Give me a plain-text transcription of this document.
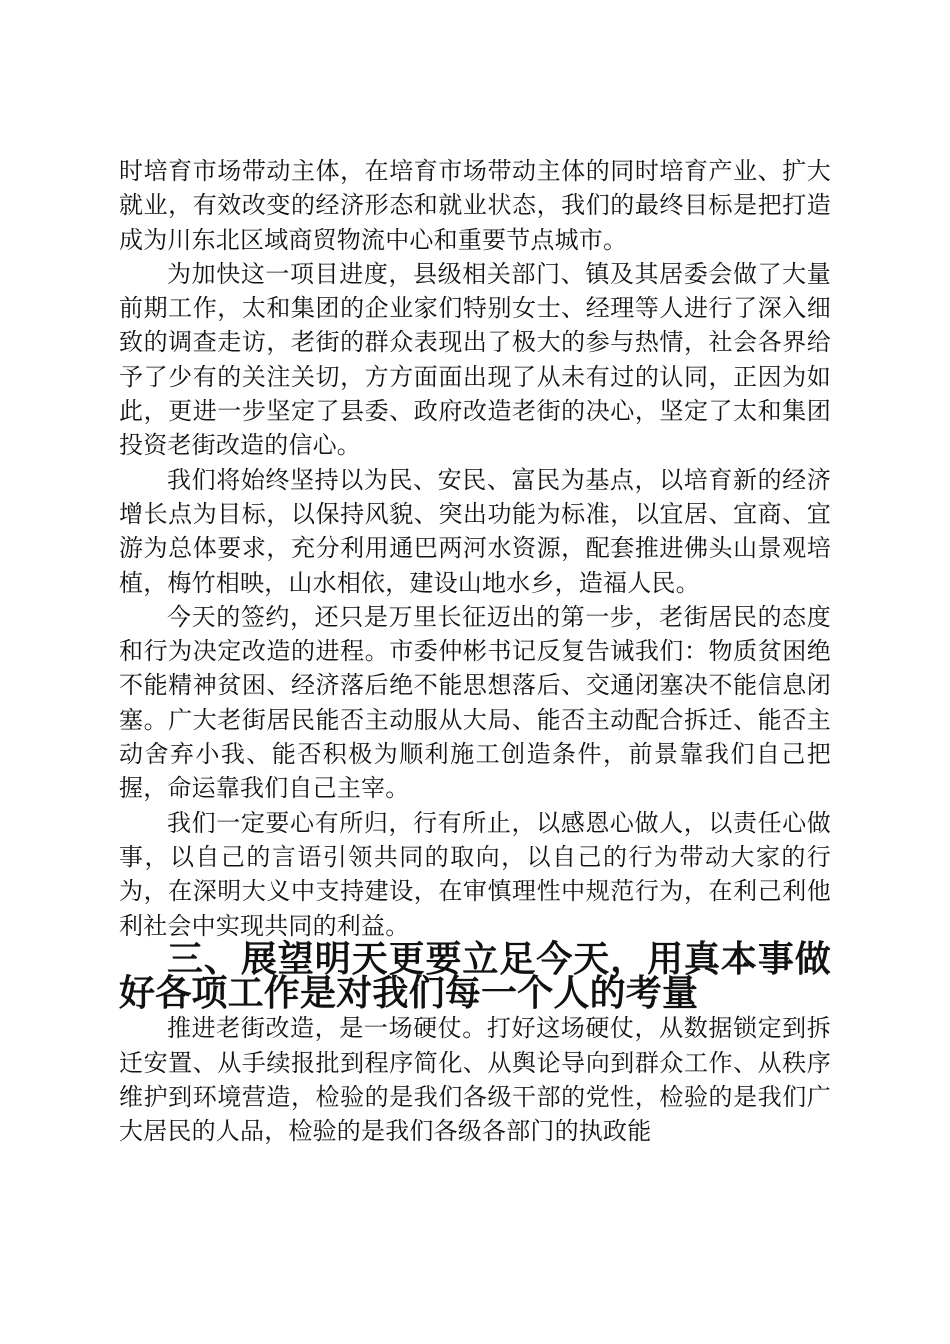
时培育市场带动主体，在培育市场带动主体的同时培育产业、扩大就业，有效改变的经济形态和就业状态，我们的最终目标是把打造成为川东北区域商贸物流中心和重要节点城市。

为加快这一项目进度，县级相关部门、镇及其居委会做了大量前期工作，太和集团的企业家们特别女士、经理等人进行了深入细致的调查走访，老街的群众表现出了极大的参与热情，社会各界给予了少有的关注关切，方方面面出现了从未有过的认同，正因为如此，更进一步坚定了县委、政府改造老街的决心，坚定了太和集团投资老街改造的信心。

我们将始终坚持以为民、安民、富民为基点，以培育新的经济增长点为目标，以保持风貌、突出功能为标准，以宜居、宜商、宜游为总体要求，充分利用通巴两河水资源，配套推进佛头山景观培植，梅竹相映，山水相依，建设山地水乡，造福人民。

今天的签约，还只是万里长征迈出的第一步，老街居民的态度和行为决定改造的进程。市委仲彬书记反复告诫我们：物质贫困绝不能精神贫困、经济落后绝不能思想落后、交通闭塞决不能信息闭塞。广大老街居民能否主动服从大局、能否主动配合拆迁、能否主动舍弃小我、能否积极为顺利施工创造条件，前景靠我们自己把握，命运靠我们自己主宰。

我们一定要心有所归，行有所止，以感恩心做人，以责任心做事，以自己的言语引领共同的取向，以自己的行为带动大家的行为，在深明大义中支持建设，在审慎理性中规范行为，在利己利他利社会中实现共同的利益。

三、展望明天更要立足今天，用真本事做好各项工作是对我们每一个人的考量

推进老街改造，是一场硬仗。打好这场硬仗，从数据锁定到拆迁安置、从手续报批到程序简化、从舆论导向到群众工作、从秩序维护到环境营造，检验的是我们各级干部的党性，检验的是我们广大居民的人品，检验的是我们各级各部门的执政能
